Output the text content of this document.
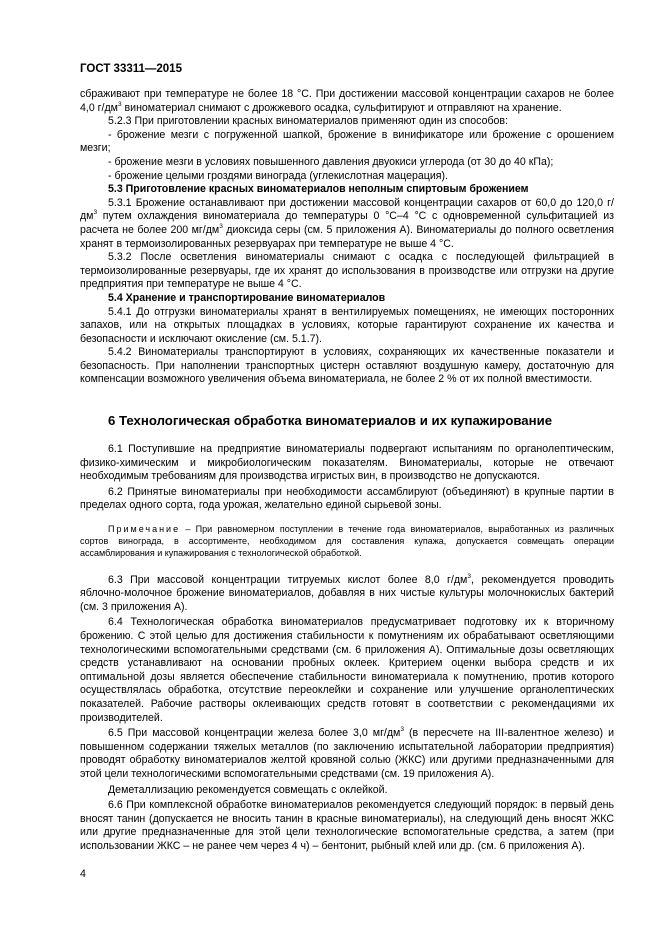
ГОСТ 33311—2015

сбраживают при температуре не более 18 °С. При достижении массовой концентрации сахаров не более 4,0 $г/дм^3$ виноматериал снимают с дрожжевого осадка, сульфитируют и отправляют на хранение.

5.2.3 При приготовлении красных виноматериалов применяют один из способов:

- брожение мезги с погруженной шапкой, брожение в винификаторе или брожение с орошением мезги;

- брожение мезги в условиях повышенного давления двуокиси углерода (от 30 до 40 кПа);

- брожение целыми гроздями винограда (углекислотная мацерация).

5.3 Приготовление красных виноматериалов неполным спиртовым брожением

5.3.1 Брожение останавливают при достижении массовой концентрации сахаров от 60,0 до 120,0 $г/дм^3$ путем охлаждения виноматериала до температуры 0 °С–4 °С с одновременной сульфитацией из расчета не более 200 $мг/дм^3$ диоксида серы (см. 5 приложения А). Виноматериалы до полного осветления хранят в термоизолированных резервуарах при температуре не выше 4 °С.

5.3.2 После осветления виноматериалы снимают с осадка с последующей фильтрацией в термоизолированные резервуары, где их хранят до использования в производстве или отгрузки на другие предприятия при температуре не выше 4 °С.

5.4 Хранение и транспортирование виноматериалов

5.4.1 До отгрузки виноматериалы хранят в вентилируемых помещениях, не имеющих посторонних запахов, или на открытых площадках в условиях, которые гарантируют сохранение их качества и безопасности и исключают окисление (см. 5.1.7).

5.4.2 Виноматериалы транспортируют в условиях, сохраняющих их качественные показатели и безопасность. При наполнении транспортных цистерн оставляют воздушную камеру, достаточную для компенсации возможного увеличения объема виноматериала, не более 2 % от их полной вместимости.

6 Технологическая обработка виноматериалов и их купажирование

6.1 Поступившие на предприятие виноматериалы подвергают испытаниям по органолептическим, физико-химическим и микробиологическим показателям. Виноматериалы, которые не отвечают необходимым требованиям для производства игристых вин, в производство не допускаются.

6.2 Принятые виноматериалы при необходимости ассамблируют (объединяют) в крупные партии в пределах одного сорта, года урожая, желательно единой сырьевой зоны.

Примечание – При равномерном поступлении в течение года виноматериалов, выработанных из различных сортов винограда, в ассортименте, необходимом для составления купажа, допускается совмещать операции ассамблирования и купажирования с технологической обработкой.

6.3 При массовой концентрации титруемых кислот более 8,0 $г/дм^3$, рекомендуется проводить яблочно-молочное брожение виноматериалов, добавляя в них чистые культуры молочнокислых бактерий (см. 3 приложения А).

6.4 Технологическая обработка виноматериалов предусматривает подготовку их к вторичному брожению. С этой целью для достижения стабильности к помутнениям их обрабатывают осветляющими технологическими вспомогательными средствами (см. 6 приложения А). Оптимальные дозы осветляющих средств устанавливают на основании пробных оклеек. Критерием оценки выбора средств и их оптимальной дозы является обеспечение стабильности виноматериала к помутнению, против которого осуществлялась обработка, отсутствие переоклейки и сохранение или улучшение органолептических показателей. Рабочие растворы оклеивающих средств готовят в соответствии с рекомендациями их производителей.

6.5 При массовой концентрации железа более 3,0 $мг/дм^3$ (в пересчете на III-валентное железо) и повышенном содержании тяжелых металлов (по заключению испытательной лаборатории предприятия) проводят обработку виноматериалов желтой кровяной солью (ЖКС) или другими предназначенными для этой цели технологическими вспомогательными средствами (см. 19 приложения А).

Деметаллизацию рекомендуется совмещать с оклейкой.

6.6 При комплексной обработке виноматериалов рекомендуется следующий порядок: в первый день вносят танин (допускается не вносить танин в красные виноматериалы), на следующий день вносят ЖКС или другие предназначенные для этой цели технологические вспомогательные средства, а затем (при использовании ЖКС – не ранее чем через 4 ч) – бентонит, рыбный клей или др. (см. 6 приложения А).

4
